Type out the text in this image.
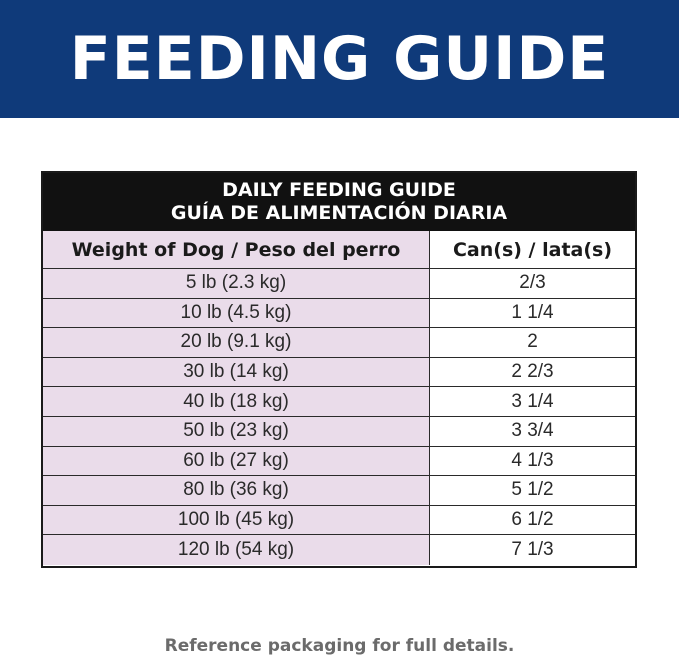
FEEDING GUIDE
DAILY FEEDING GUIDE
GUÍA DE ALIMENTACIÓN DIARIA
Weight of Dog / Peso del perro	Can(s) / lata(s)
5 lb (2.3 kg)	2/3
10 lb (4.5 kg)	1 1/4
20 lb (9.1 kg)	2
30 lb (14 kg)	2 2/3
40 lb (18 kg)	3 1/4
50 lb (23 kg)	3 3/4
60 lb (27 kg)	4 1/3
80 lb (36 kg)	5 1/2
100 lb (45 kg)	6 1/2
120 lb (54 kg)	7 1/3
Reference packaging for full details.
